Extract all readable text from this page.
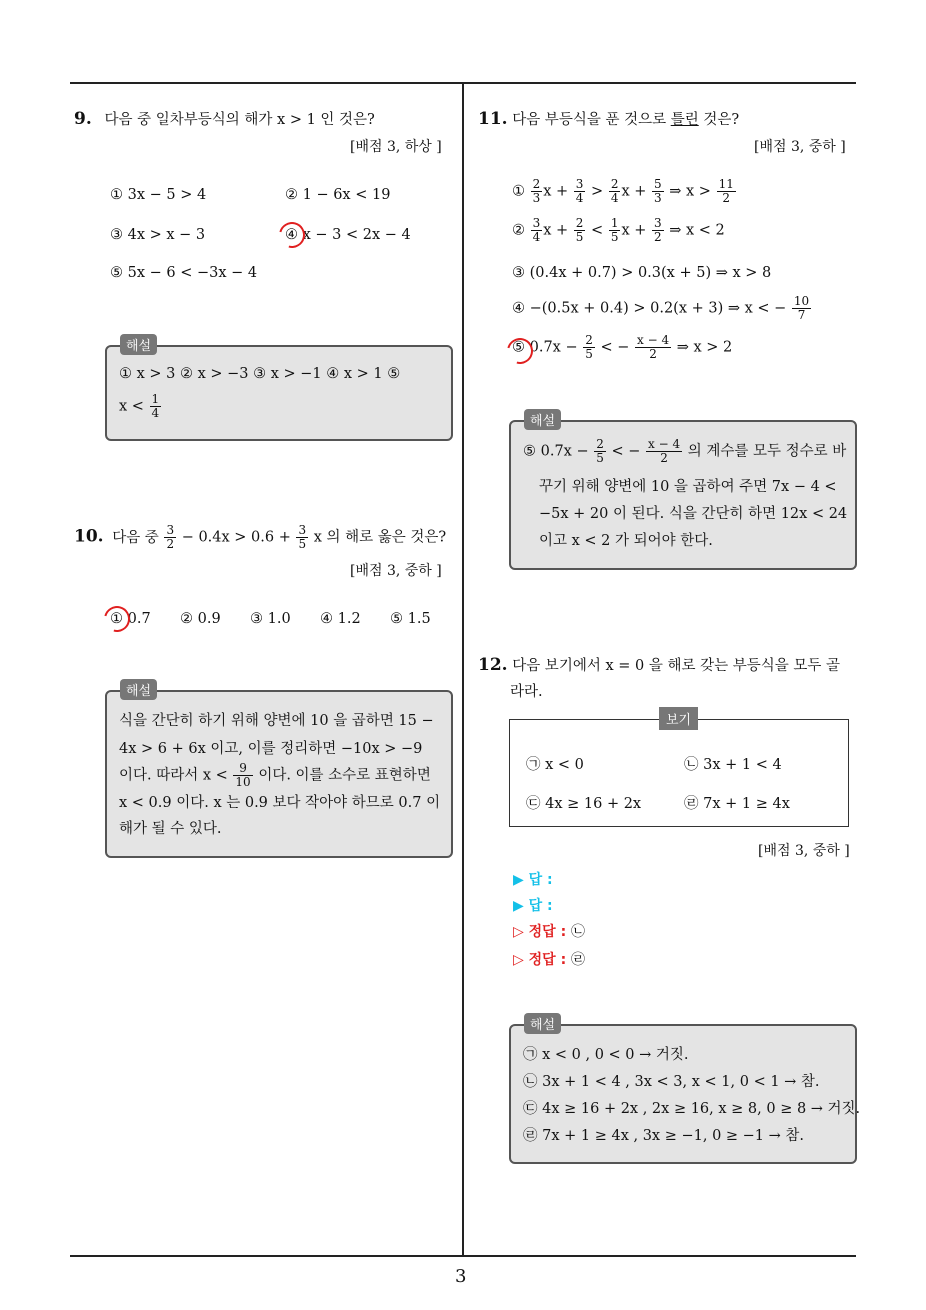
3
9. 다음 중 일차부등식의 해가 x > 1 인 것은?
[배점 3, 하상 ]
① 3x − 5 > 4	② 1 − 6x < 19
③ 4x > x − 3	④ x − 3 < 2x − 4
⑤ 5x − 6 < −3x − 4
① x > 3 ② x > −3 ③ x > −1 ④ x > 1 ⑤
$x < \frac{1}{4}$
해설
10. 다음 중 $\frac{3}{2} - 0.4x > 0.6 + \frac{3}{5}$ x 의 해로 옳은 것은?
[배점 3, 중하 ]
① 0.7 ② 0.9 ③ 1.0 ④ 1.2 ⑤ 1.5
식을 간단히 하기 위해 양변에 10 을 곱하면 15 −
4x > 6 + 6x 이고, 이를 정리하면 −10x > −9
이다. 따라서 $x < \frac{9}{10}$ 이다. 이를 소수로 표현하면
x < 0.9 이다. x 는 0.9 보다 작아야 하므로 0.7 이
해가 될 수 있다.
해설
11. 다음 부등식을 푼 것으로 틀린 것은?
[배점 3, 중하 ]
① $\frac{2}{3}$ $x + \frac{3}{4} > \frac{2}{4}$ $x + \frac{5}{3}$ ⇒ $x > \frac{11}{2}$
② $\frac{3}{4}$ $x + \frac{2}{5} < \frac{1}{5}$ $x + \frac{3}{2}$ ⇒ x < 2
③ (0.4x + 0.7) > 0.3(x + 5) ⇒ x > 8
④ −(0.5x + 0.4) > 0.2(x + 3) ⇒ x < − $\frac{10}{7}$
⑤ $0.7x - \frac{2}{5}$ < − $\frac{x - 4}{2}$ ⇒ x > 2
⑤ $0.7x - \frac{2}{5}$ < − $\frac{x - 4}{2}$ 의 계수를 모두 정수로 바
꾸기 위해 양변에 10 을 곱하여 주면 7x − 4 <
−5x + 20 이 된다. 식을 간단히 하면 12x < 24
이고 x < 2 가 되어야 한다.
해설
12. 다음 보기에서 x = 0 을 해로 갖는 부등식을 모두 골
라라.
㉠ x < 0	㉡ 3x + 1 < 4
㉢ 4x ≥ 16 + 2x	㉣ 7x + 1 ≥ 4x
보기
[배점 3, 중하 ]
▶ 답 :
▶ 답 :
▷ 정답 : ㉡
▷ 정답 : ㉣
㉠ x < 0 , 0 < 0 → 거짓.
㉡ 3x + 1 < 4 , 3x < 3, x < 1, 0 < 1 → 참.
㉢ 4x ≥ 16 + 2x , 2x ≥ 16, x ≥ 8, 0 ≥ 8 → 거짓.
㉣ 7x + 1 ≥ 4x , 3x ≥ −1, 0 ≥ −1 → 참.
해설
